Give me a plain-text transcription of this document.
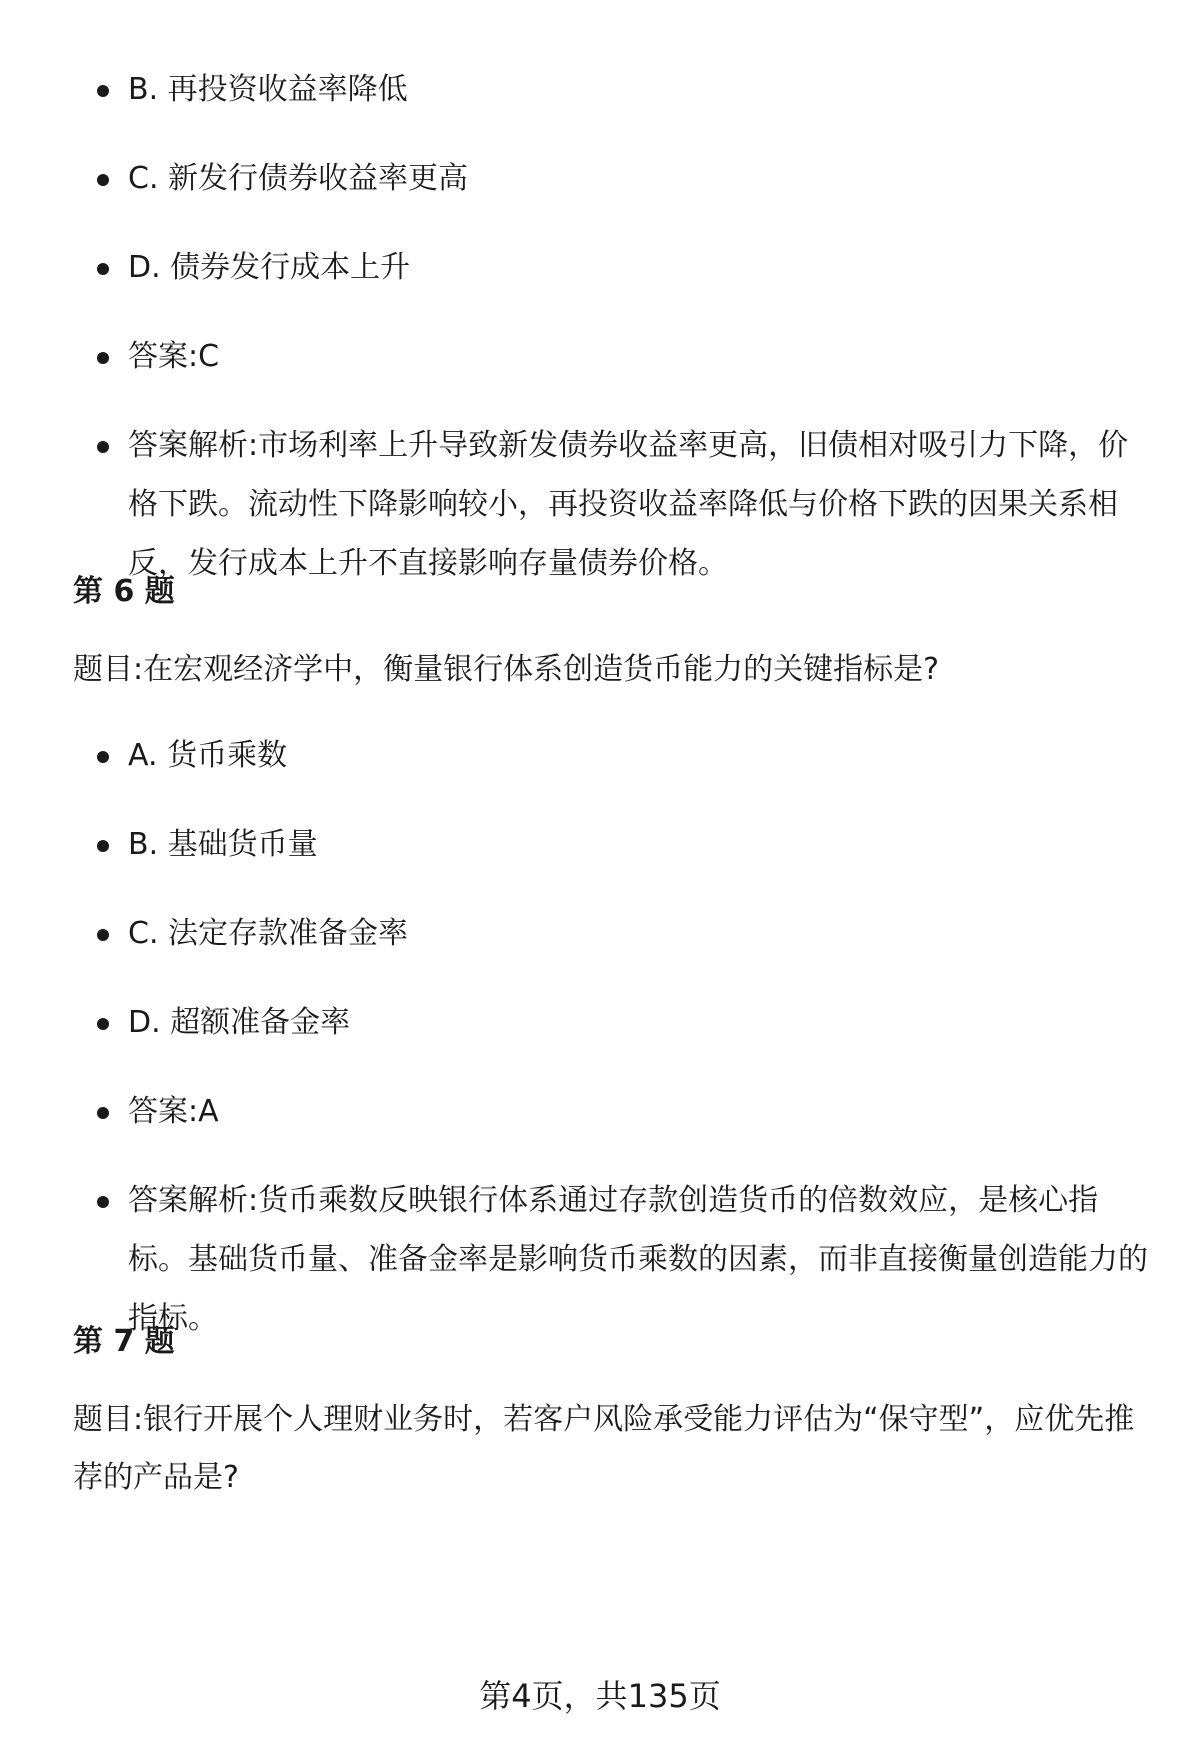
B. 再投资收益率降低
C. 新发行债券收益率更高
D. 债券发行成本上升
答案:C
答案解析:市场利率上升导致新发债券收益率更高，旧债相对吸引力下降，价格下跌。流动性下降影响较小，再投资收益率降低与价格下跌的因果关系相反，发行成本上升不直接影响存量债券价格。
第 6 题
题目:在宏观经济学中，衡量银行体系创造货币能力的关键指标是?
A. 货币乘数
B. 基础货币量
C. 法定存款准备金率
D. 超额准备金率
答案:A
答案解析:货币乘数反映银行体系通过存款创造货币的倍数效应，是核心指标。基础货币量、准备金率是影响货币乘数的因素，而非直接衡量创造能力的指标。
第 7 题
题目:银行开展个人理财业务时，若客户风险承受能力评估为“保守型”，应优先推荐的产品是?
第4页，共135页
